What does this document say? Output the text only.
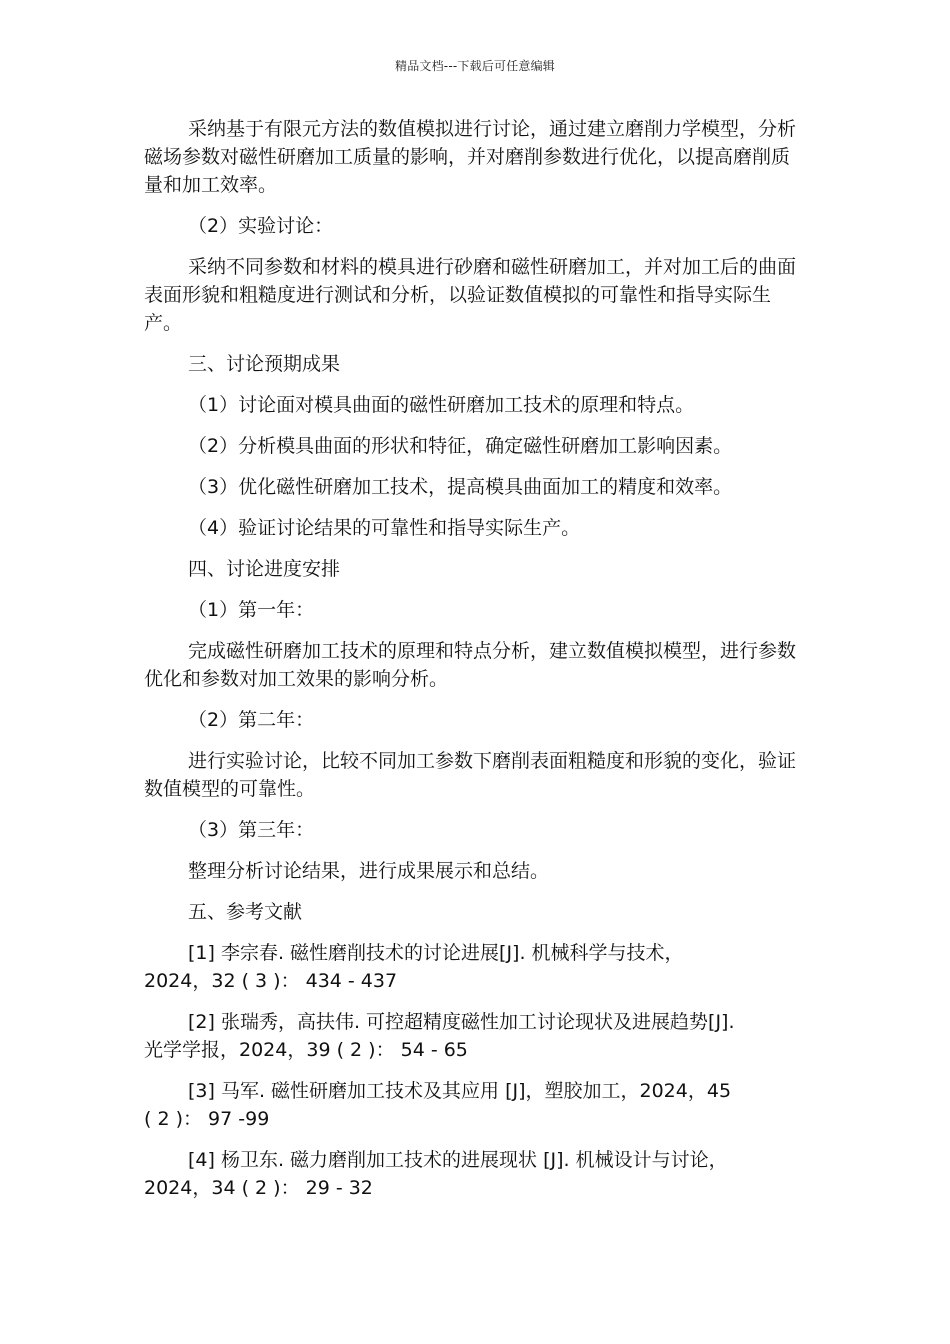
精品文档---下载后可任意编辑

采纳基于有限元方法的数值模拟进行讨论，通过建立磨削力学模型，分析磁场参数对磁性研磨加工质量的影响，并对磨削参数进行优化，以提高磨削质量和加工效率。

（2）实验讨论：

采纳不同参数和材料的模具进行砂磨和磁性研磨加工，并对加工后的曲面表面形貌和粗糙度进行测试和分析，以验证数值模拟的可靠性和指导实际生产。

三、讨论预期成果

（1）讨论面对模具曲面的磁性研磨加工技术的原理和特点。

（2）分析模具曲面的形状和特征，确定磁性研磨加工影响因素。

（3）优化磁性研磨加工技术，提高模具曲面加工的精度和效率。

（4）验证讨论结果的可靠性和指导实际生产。

四、讨论进度安排

（1）第一年：

完成磁性研磨加工技术的原理和特点分析，建立数值模拟模型，进行参数优化和参数对加工效果的影响分析。

（2）第二年：

进行实验讨论，比较不同加工参数下磨削表面粗糙度和形貌的变化，验证数值模型的可靠性。

（3）第三年：

整理分析讨论结果，进行成果展示和总结。

五、参考文献

[1] 李宗春. 磁性磨削技术的讨论进展[J]. 机械科学与技术，
2024，32 ( 3 )： 434 - 437

[2] 张瑞秀，高扶伟. 可控超精度磁性加工讨论现状及进展趋势[J].
光学学报，2024，39 ( 2 )： 54 - 65

[3] 马军. 磁性研磨加工技术及其应用 [J]，塑胶加工，2024，45
( 2 )： 97 -99

[4] 杨卫东. 磁力磨削加工技术的进展现状 [J]. 机械设计与讨论，
2024，34 ( 2 )： 29 - 32
